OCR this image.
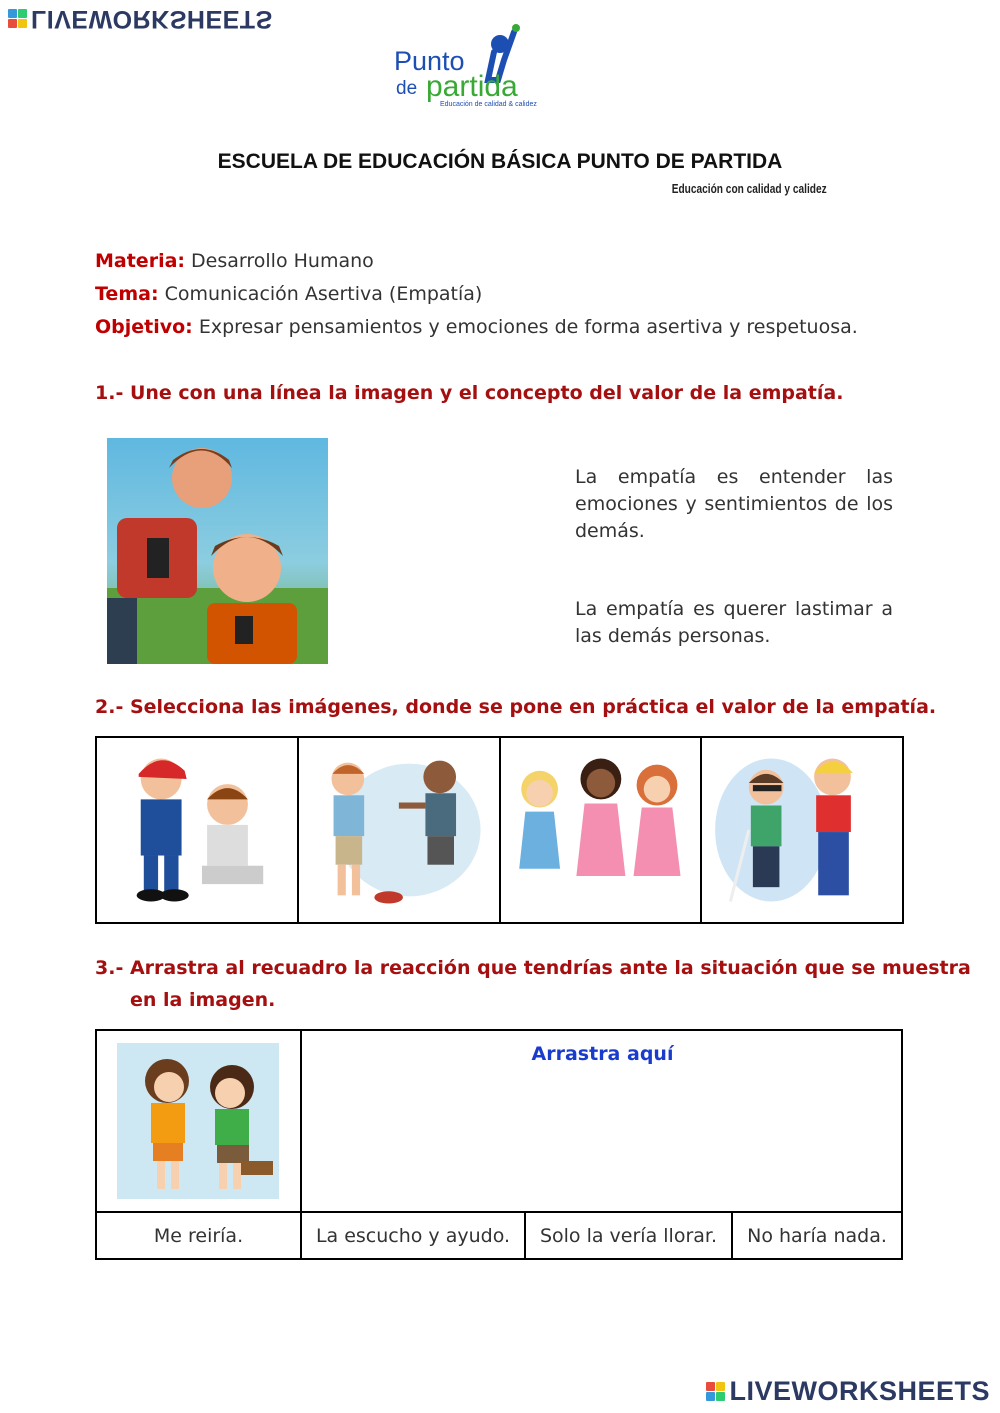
LIVEWORKSHEETS
Punto
de partida
Educación de calidad & calidez
ESCUELA DE EDUCACIÓN BÁSICA PUNTO DE PARTIDA
Educación con calidad y calidez
Materia: Desarrollo Humano
Tema: Comunicación Asertiva (Empatía)
Objetivo: Expresar pensamientos y emociones de forma asertiva y respetuosa.
1.- Une con una línea la imagen y el concepto del valor de la empatía.
La empatía es entender las emociones y sentimientos de los demás.
La empatía es querer lastimar a las demás personas.
2.- Selecciona las imágenes, donde se pone en práctica el valor de la empatía.
3.- Arrastra al recuadro la reacción que tendrías ante la situación que se muestra
en la imagen.
Arrastra aquí
Me reiría.	La escucho y ayudo.	Solo la vería llorar.	No haría nada.
LIVEWORKSHEETS
